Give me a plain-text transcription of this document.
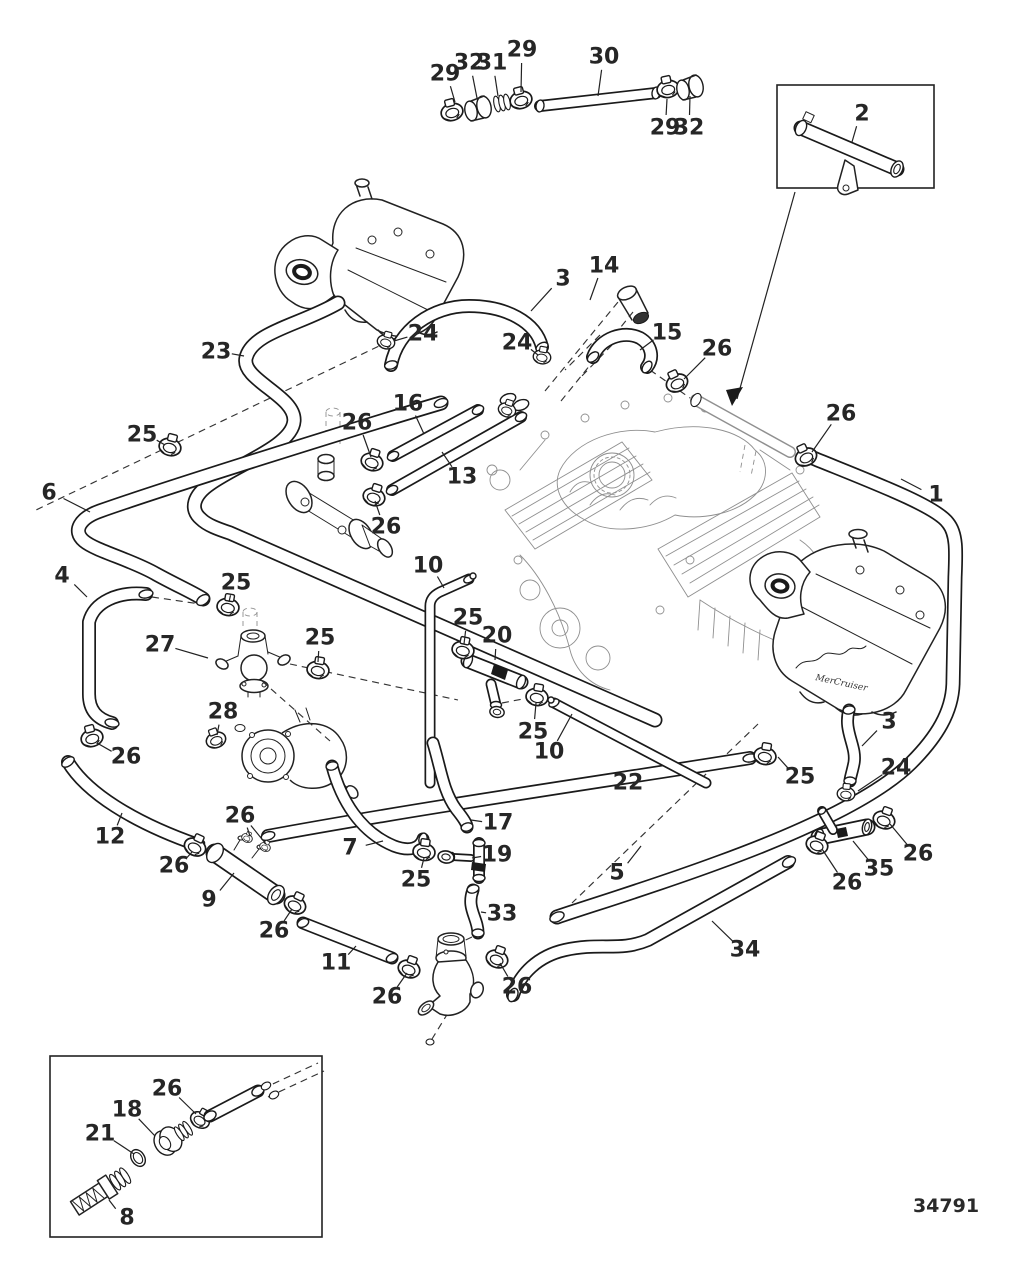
MerCruiser
29
32
31
29 30
29
32
2
23
24
3
14
24	15
26
26
1
16
26
13
26
25
6
4	25
27	25
28
26
10
25
20
25
10
22
17
7	19
25
33
5
12
26
26
9
26
11
26	26
34
25
3
24
26
35
26
26
18
21
8	34791
